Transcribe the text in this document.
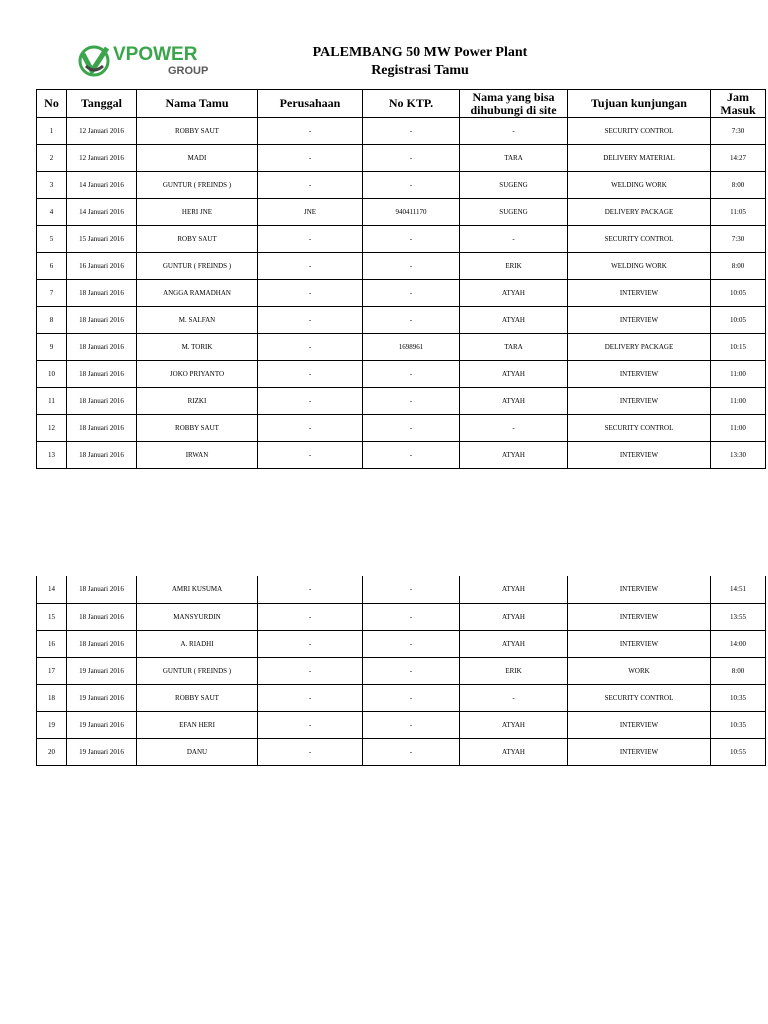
VPOWER
GROUP
PALEMBANG 50 MW Power Plant
Registrasi Tamu
No	Tanggal	Nama Tamu	Perusahaan	No KTP.	Nama yang bisa dihubungi di site	Tujuan kunjungan	Jam Masuk
1	12 Januari 2016	ROBBY SAUT	-	-	-	SECURITY CONTROL	7:30
2	12 Januari 2016	MADI	-	-	TARA	DELIVERY MATERIAL	14:27
3	14 Januari 2016	GUNTUR ( FREINDS )	-	-	SUGENG	WELDING WORK	8:00
4	14 Januari 2016	HERI JNE	JNE	940411170	SUGENG	DELIVERY PACKAGE	11:05
5	15 Januari 2016	ROBY SAUT	-	-	-	SECURITY CONTROL	7:30
6	16 Januari 2016	GUNTUR ( FREINDS )	-	-	ERIK	WELDING WORK	8:00
7	18 Januari 2016	ANGGA RAMADHAN	-	-	ATYAH	INTERVIEW	10:05
8	18 Januari 2016	M. SALFAN	-	-	ATYAH	INTERVIEW	10:05
9	18 Januari 2016	M. TORIK	-	1698961	TARA	DELIVERY PACKAGE	10:15
10	18 Januari 2016	JOKO PRIYANTO	-	-	ATYAH	INTERVIEW	11:00
11	18 Januari 2016	RIZKI	-	-	ATYAH	INTERVIEW	11:00
12	18 Januari 2016	ROBBY SAUT	-	-	-	SECURITY CONTROL	11:00
13	18 Januari 2016	IRWAN	-	-	ATYAH	INTERVIEW	13:30
14	18 Januari 2016	AMRI KUSUMA	-	-	ATYAH	INTERVIEW	14:51
15	18 Januari 2016	MANSYURDIN	-	-	ATYAH	INTERVIEW	13:55
16	18 Januari 2016	A. RIADHI	-	-	ATYAH	INTERVIEW	14:00
17	19 Januari 2016	GUNTUR ( FREINDS )	-	-	ERIK	WORK	8:00
18	19 Januari 2016	ROBBY SAUT	-	-	-	SECURITY CONTROL	10:35
19	19 Januari 2016	EFAN HERI	-	-	ATYAH	INTERVIEW	10:35
20	19 Januari 2016	DANU	-	-	ATYAH	INTERVIEW	10:55
